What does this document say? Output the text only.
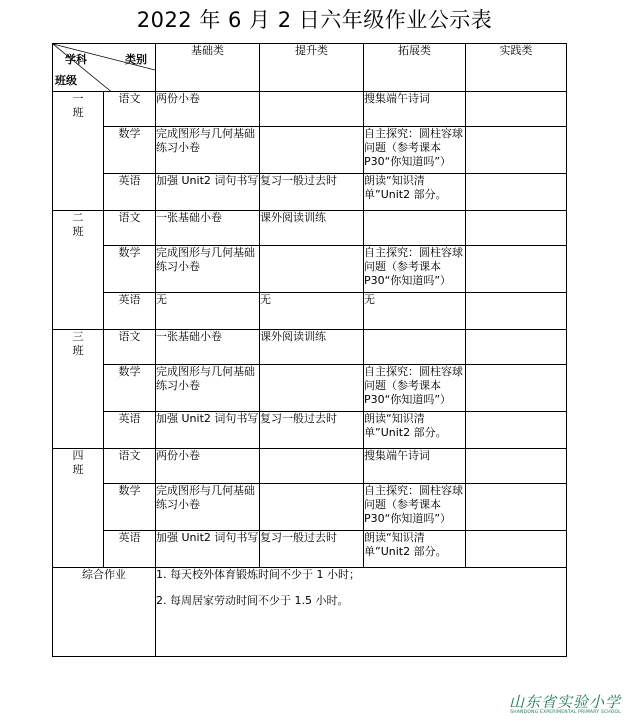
2022 年 6 月 2 日六年级作业公示表
学科 类别
班级		基础类	提升类	拓展类	实践类

一
班	语文	两份小卷		搜集端午诗词	
	数学	完成图形与几何基础练习小卷		自主探究：圆柱容球问题（参考课本P30“你知道吗”）	
	英语	加强 Unit2 词句书写	复习一般过去时	朗读“知识清单”Unit2 部分。	

二
班	语文	一张基础小卷	课外阅读训练		
	数学	完成图形与几何基础练习小卷		自主探究：圆柱容球问题（参考课本P30“你知道吗”）	
	英语	无	无	无	

三
班	语文	一张基础小卷	课外阅读训练		
	数学	完成图形与几何基础练习小卷		自主探究：圆柱容球问题（参考课本P30“你知道吗”）	
	英语	加强 Unit2 词句书写	复习一般过去时	朗读“知识清单”Unit2 部分。	

四
班	语文	两份小卷		搜集端午诗词	
	数学	完成图形与几何基础练习小卷		自主探究：圆柱容球问题（参考课本P30“你知道吗”）	
	英语	加强 Unit2 词句书写	复习一般过去时	朗读“知识清单”Unit2 部分。	
综合作业		1. 每天校外体育锻炼时间不少于 1 小时；

2. 每周居家劳动时间不少于 1.5 小时。			

山东省实验小学
SHANDONG EXPERIMENTAL PRIMARY SCHOOL
